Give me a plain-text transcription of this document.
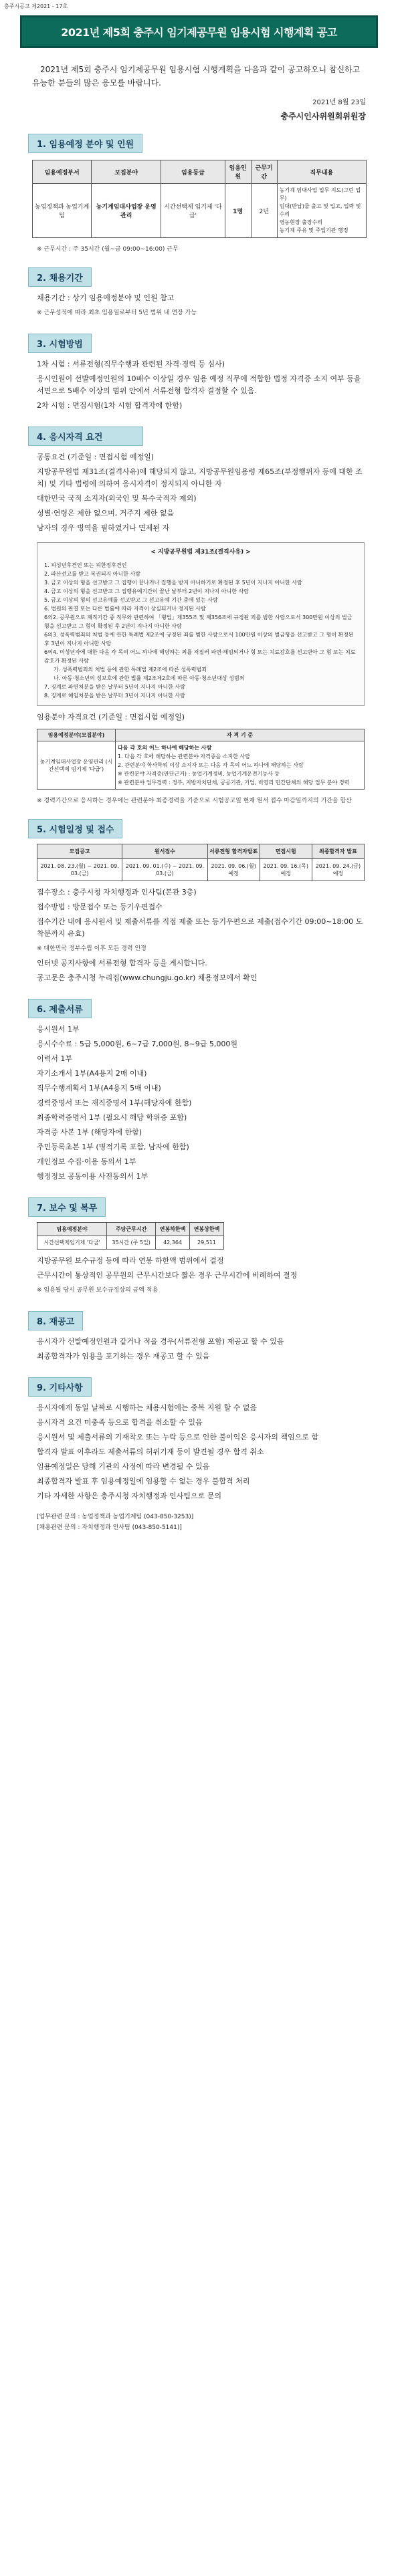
충주시공고 제2021 - 17호
2021년 제5회 충주시 임기제공무원 임용시험 시행계획 공고
2021년 제5회 충주시 임기제공무원 임용시험 시행계획을 다음과 같이 공고하오니 참신하고 유능한 분들의 많은 응모를 바랍니다.
2021년 8월 23일
충주시인사위원회위원장
1. 임용예정 분야 및 인원
임용예정부서	모집분야	임용등급	임용인원	근무기간	직무내용
농업정책과 농업기계팀	농기계임대사업장 운영관리	시간선택제 임기제 '다급'	1명	2년	농기계 임대사업 업무 지도(그린 업무)
임대(반납)물 출고 및 입고, 입력 및 수리
영농현장 출장수리
농기계 주유 및 주입기관 행정
※ 근무시간 : 주 35시간 (월~금 09:00~16:00) 근무
2. 채용기간
채용기간 : 상기 임용예정분야 및 인원 참고
※ 근무성적에 따라 최초 임용일로부터 5년 범위 내 연장 가능
3. 시험방법
1차 시험 : 서류전형(직무수행과 관련된 자격·경력 등 심사)
응시인원이 선발예정인원의 10배수 이상일 경우 임용 예정 직무에 적합한 법정 자격증 소지 여부 등을 서면으로 5배수 이상의 범위 안에서 서류전형 합격자 결정할 수 있음.
2차 시험 : 면접시험(1차 시험 합격자에 한함)
4. 응시자격 요건
공통요건 (기준일 : 면접시험 예정일)
지방공무원법 제31조(결격사유)에 해당되지 않고, 지방공무원임용령 제65조(부정행위자 등에 대한 조치) 및 기타 법령에 의하여 응시자격이 정지되지 아니한 자
대한민국 국적 소지자(외국인 및 복수국적자 제외)
성별·연령은 제한 없으며, 거주지 제한 없음
남자의 경우 병역을 필하였거나 면제된 자
< 지방공무원법 제31조(결격사유) >
1. 피성년후견인 또는 피한정후견인
2. 파산선고를 받고 복권되지 아니한 사람
3. 금고 이상의 형을 선고받고 그 집행이 끝나거나 집행을 받지 아니하기로 확정된 후 5년이 지나지 아니한 사람
4. 금고 이상의 형을 선고받고 그 집행유예기간이 끝난 날부터 2년이 지나지 아니한 사람
5. 금고 이상의 형의 선고유예를 선고받고 그 선고유예 기간 중에 있는 사람
6. 법원의 판결 또는 다른 법률에 따라 자격이 상실되거나 정지된 사람
6의2. 공무원으로 재직기간 중 직무와 관련하여 「형법」제355조 및 제356조에 규정된 죄를 범한 사람으로서 300만원 이상의 벌금형을 선고받고 그 형이 확정된 후 2년이 지나지 아니한 사람
6의3. 성폭력범죄의 처벌 등에 관한 특례법 제2조에 규정된 죄를 범한 사람으로서 100만원 이상의 벌금형을 선고받고 그 형이 확정된 후 3년이 지나지 아니한 사람
6의4. 미성년자에 대한 다음 각 목의 어느 하나에 해당하는 죄를 저질러 파면·해임되거나 형 또는 치료감호를 선고받아 그 형 또는 치료감호가 확정된 사람
가. 성폭력범죄의 처벌 등에 관한 특례법 제2조에 따른 성폭력범죄
나. 아동·청소년의 성보호에 관한 법률 제2조제2호에 따른 아동·청소년대상 성범죄
7. 징계로 파면처분을 받은 날부터 5년이 지나지 아니한 사람
8. 징계로 해임처분을 받은 날부터 3년이 지나지 아니한 사람
임용분야 자격요건 (기준일 : 면접시험 예정일)
임용예정분야(모집분야)	자 격 기 준
농기계임대사업장 운영관리 (시간선택제 임기제 '다급')	다음 각 호의 어느 하나에 해당하는 사람
1. 다음 각 호에 해당하는 관련분야 자격증을 소지한 사람
2. 관련분야 학사학위 이상 소지자 또는 다음 각 목의 어느 하나에 해당하는 사람
※ 관련분야 자격증(판단근거) : 농업기계정비, 농업기계운전기능사 등
※ 관련분야 업무경력 : 정부, 지방자치단체, 공공기관, 기업, 비영리 민간단체의 해당 업무 분야 경력
※ 경력기간으로 응시하는 경우에는 관련분야 최종경력을 기준으로 시험공고일 현재 원서 접수 마감일까지의 기간을 합산
5. 시험일정 및 접수
모집공고	원서접수	서류전형 합격자발표	면접시험	최종합격자 발표
2021. 08. 23.(월) ~ 2021. 09. 03.(금)	2021. 09. 01.(수) ~ 2021. 09. 03.(금)	2021. 09. 06.(월) 예정	2021. 09. 16.(목) 예정	2021. 09. 24.(금) 예정
접수장소 : 충주시청 자치행정과 인사팀(본관 3층)
접수방법 : 방문접수 또는 등기우편접수
접수기간 내에 응시원서 및 제출서류를 직접 제출 또는 등기우편으로 제출(접수기간 09:00~18:00 도착분까지 유효)
※ 대한민국 정부수립 이후 모든 경력 인정
인터넷 공지사항에 서류전형 합격자 등을 게시합니다.
공고문은 충주시청 누리집(www.chungju.go.kr) 채용정보에서 확인
6. 제출서류
응시원서 1부
응시수수료 : 5급 5,000원, 6~7급 7,000원, 8~9급 5,000원
이력서 1부
자기소개서 1부(A4용지 2매 이내)
직무수행계획서 1부(A4용지 5매 이내)
경력증명서 또는 재직증명서 1부(해당자에 한함)
최종학력증명서 1부 (필요시 해당 학위증 포함)
자격증 사본 1부 (해당자에 한함)
주민등록초본 1부 (병적기록 포함, 남자에 한함)
개인정보 수집·이용 동의서 1부
행정정보 공동이용 사전동의서 1부
7. 보수 및 복무
임용예정분야	주당근무시간	연봉하한액	연봉상한액
시간선택제임기제 '다급'	35시간 (주 5일)	42,364	29,511
지방공무원 보수규정 등에 따라 연봉 하한액 범위에서 결정
근무시간이 통상적인 공무원의 근무시간보다 짧은 경우 근무시간에 비례하여 결정
※ 임용될 당시 공무원 보수규정상의 금액 적용
8. 재공고
응시자가 선발예정인원과 같거나 적을 경우(서류전형 포함) 재공고 할 수 있음
최종합격자가 임용을 포기하는 경우 재공고 할 수 있음
9. 기타사항
응시자에게 동일 날짜로 시행하는 채용시험에는 중복 지원 할 수 없음
응시자격 요건 미충족 등으로 합격을 취소할 수 있음
응시원서 및 제출서류의 기재착오 또는 누락 등으로 인한 불이익은 응시자의 책임으로 함
합격자 발표 이후라도 제출서류의 허위기재 등이 발견될 경우 합격 취소
임용예정일은 당해 기관의 사정에 따라 변경될 수 있음
최종합격자 발표 후 임용예정일에 임용할 수 없는 경우 불합격 처리
기타 자세한 사항은 충주시청 자치행정과 인사팀으로 문의
[업무관련 문의 : 농업정책과 농업기계팀 (043-850-3253)]
[채용관련 문의 : 자치행정과 인사팀 (043-850-5141)]
